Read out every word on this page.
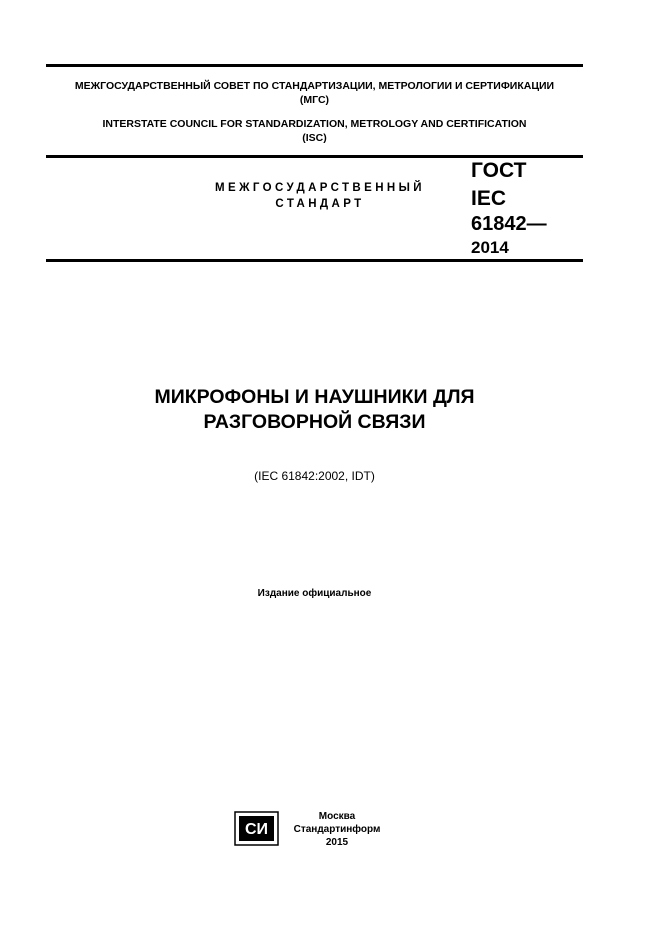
МЕЖГОСУДАРСТВЕННЫЙ СОВЕТ ПО СТАНДАРТИЗАЦИИ, МЕТРОЛОГИИ И СЕРТИФИКАЦИИ
(МГС)
INTERSTATE COUNCIL FOR STANDARDIZATION, METROLOGY AND CERTIFICATION
(ISC)
МЕЖГОСУДАРСТВЕННЫЙ
СТАНДАРТ
ГОСТ
IEC
61842—
2014
МИКРОФОНЫ И НАУШНИКИ ДЛЯ
РАЗГОВОРНОЙ СВЯЗИ
(IEC 61842:2002, IDT)
Издание официальное
СИ
Москва
Стандартинформ
2015
